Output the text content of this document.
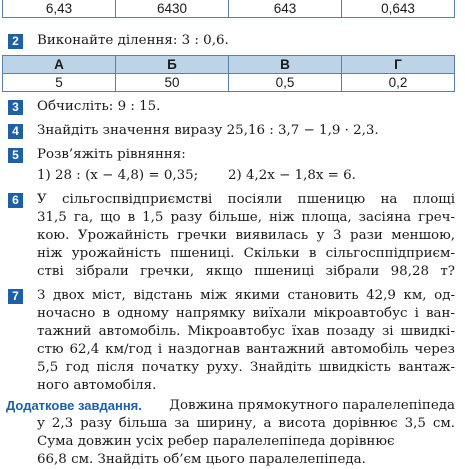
6,43	6430	643	0,643
2	Виконайте ділення: 3 : 0,6.
А	Б	В	Г
5	50	0,5	0,2
3	Обчисліть: 9 : 15.
4	Знайдіть значення виразу 25,16 : 3,7 − 1,9 · 2,3.
5	Розв’яжіть рівняння:
1) 28 : (x − 4,8) = 0,35; 2) 4,2x − 1,8x = 6.
6	У сільгоспвідприємстві посіяли пшеницю на площі
31,5 га, що в 1,5 разу більше, ніж площа, засіяна греч-
кою. Урожайність гречки виявилась у 3 рази меншою,
ніж урожайність пшениці. Скільки в сільгосппідприєм-
стві зібрали гречки, якщо пшениці зібрали 98,28 т?
7	З двох міст, відстань між якими становить 42,9 км, од-
ночасно в одному напрямку виїхали мікроавтобус і ван-
тажний автомобіль. Мікроавтобус їхав позаду зі швидкі-
стю 62,4 км/год і наздогнав вантажний автомобіль через
5,5 год після початку руху. Знайдіть швидкість вантаж-
ного автомобіля.
Додаткове завдання. Довжина прямокутного паралелепіпеда
у 2,3 разу більша за ширину, а висота дорівнює 3,5 см.
Сума довжин усіх ребер паралелепіпеда дорівнює
66,8 см. Знайдіть об’єм цього паралелепіпеда.
